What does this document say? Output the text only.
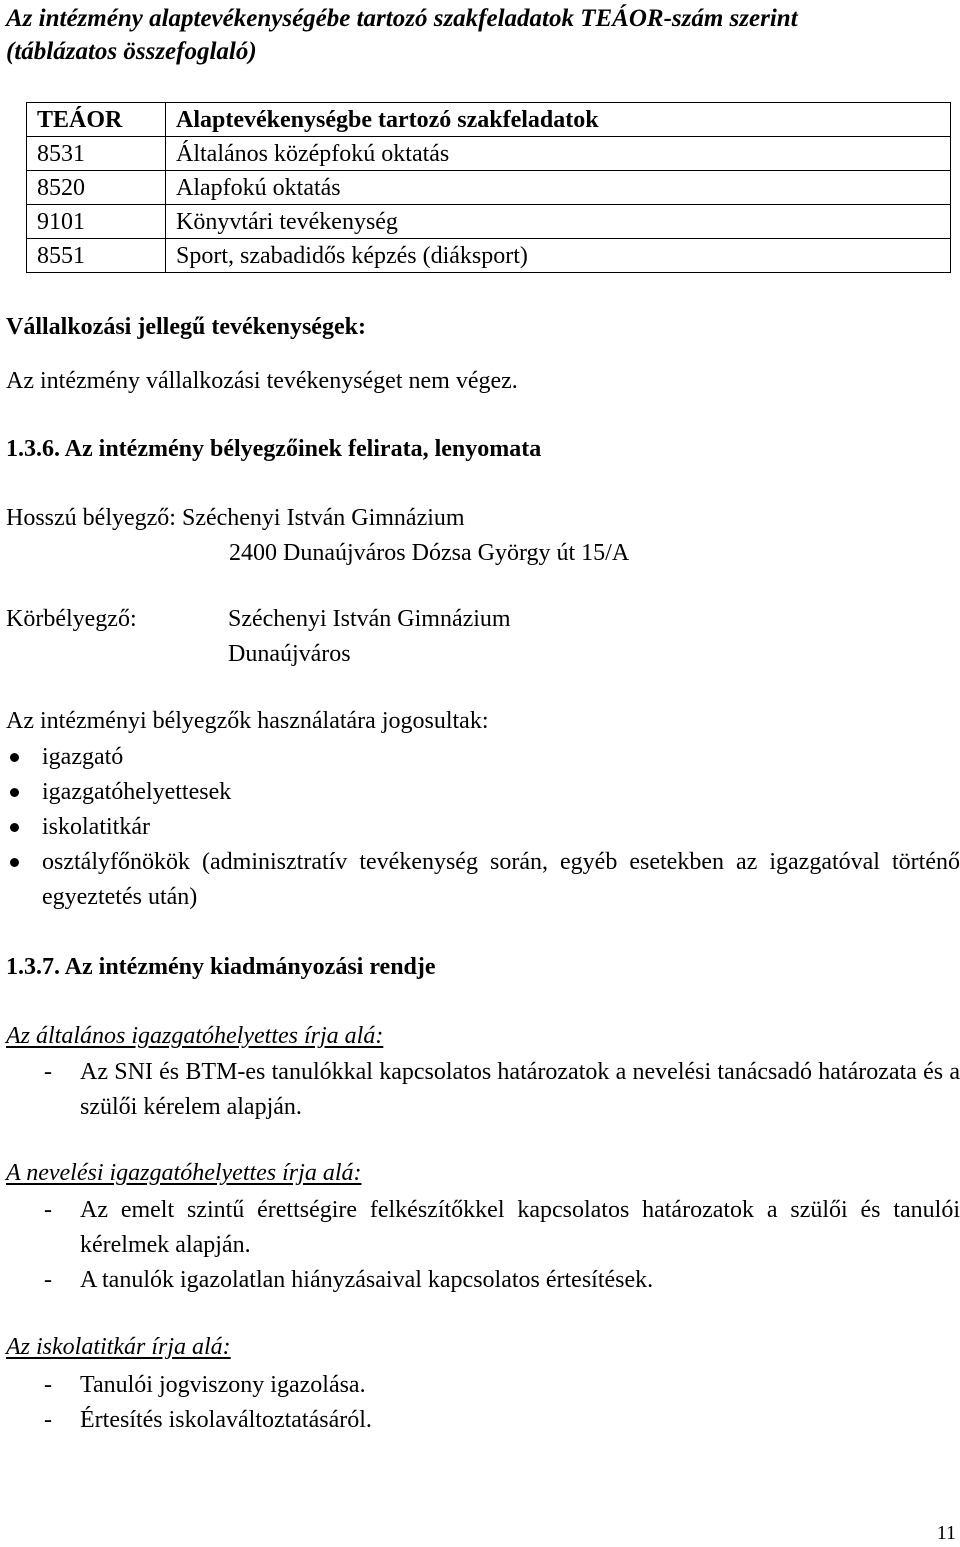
Az intézmény alaptevékenységébe tartozó szakfeladatok TEÁOR-szám szerint
(táblázatos összefoglaló)
TEÁOR	Alaptevékenységbe tartozó szakfeladatok
8531	Általános középfokú oktatás
8520	Alapfokú oktatás
9101	Könyvtári tevékenység
8551	Sport, szabadidős képzés (diáksport)
Vállalkozási jellegű tevékenységek:
Az intézmény vállalkozási tevékenységet nem végez.
1.3.6. Az intézmény bélyegzőinek felirata, lenyomata
Hosszú bélyegző: Széchenyi István Gimnázium
2400 Dunaújváros Dózsa György út 15/A
Körbélyegző:	Széchenyi István Gimnázium
Dunaújváros
Az intézményi bélyegzők használatára jogosultak:
igazgató
igazgatóhelyettesek
iskolatitkár
osztályfőnökök (adminisztratív tevékenység során, egyéb esetekben az igazgatóval történő egyeztetés után)
1.3.7. Az intézmény kiadmányozási rendje
Az általános igazgatóhelyettes írja alá:
- Az SNI és BTM-es tanulókkal kapcsolatos határozatok a nevelési tanácsadó határozata és a szülői kérelem alapján.
A nevelési igazgatóhelyettes írja alá:
- Az emelt szintű érettségire felkészítőkkel kapcsolatos határozatok a szülői és tanulói kérelmek alapján.
- A tanulók igazolatlan hiányzásaival kapcsolatos értesítések.
Az iskolatitkár írja alá:
- Tanulói jogviszony igazolása.
- Értesítés iskolaváltoztatásáról.
11
